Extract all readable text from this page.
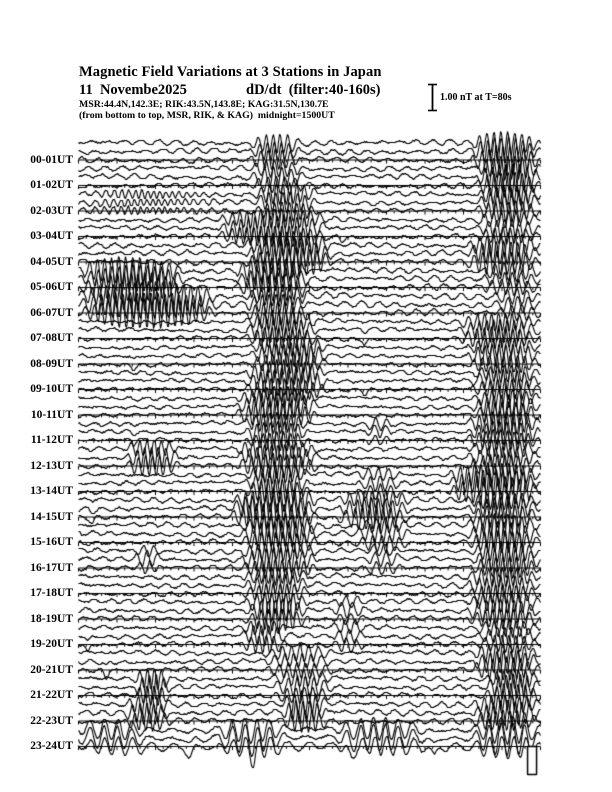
00-01UT
01-02UT
02-03UT
03-04UT
04-05UT
05-06UT
06-07UT
07-08UT
08-09UT
09-10UT
10-11UT
11-12UT
12-13UT
13-14UT
14-15UT
15-16UT
16-17UT
17-18UT
18-19UT
19-20UT
20-21UT
21-22UT
22-23UT
23-24UT
Magnetic Field Variations at 3 Stations in Japan
11  Novembe2025	dD/dt  (filter:40-160s)
MSR:44.4N,142.3E; RIK:43.5N,143.8E; KAG:31.5N,130.7E
(from bottom to top, MSR, RIK, & KAG)  midnight=1500UT
1.00 nT at T=80s
